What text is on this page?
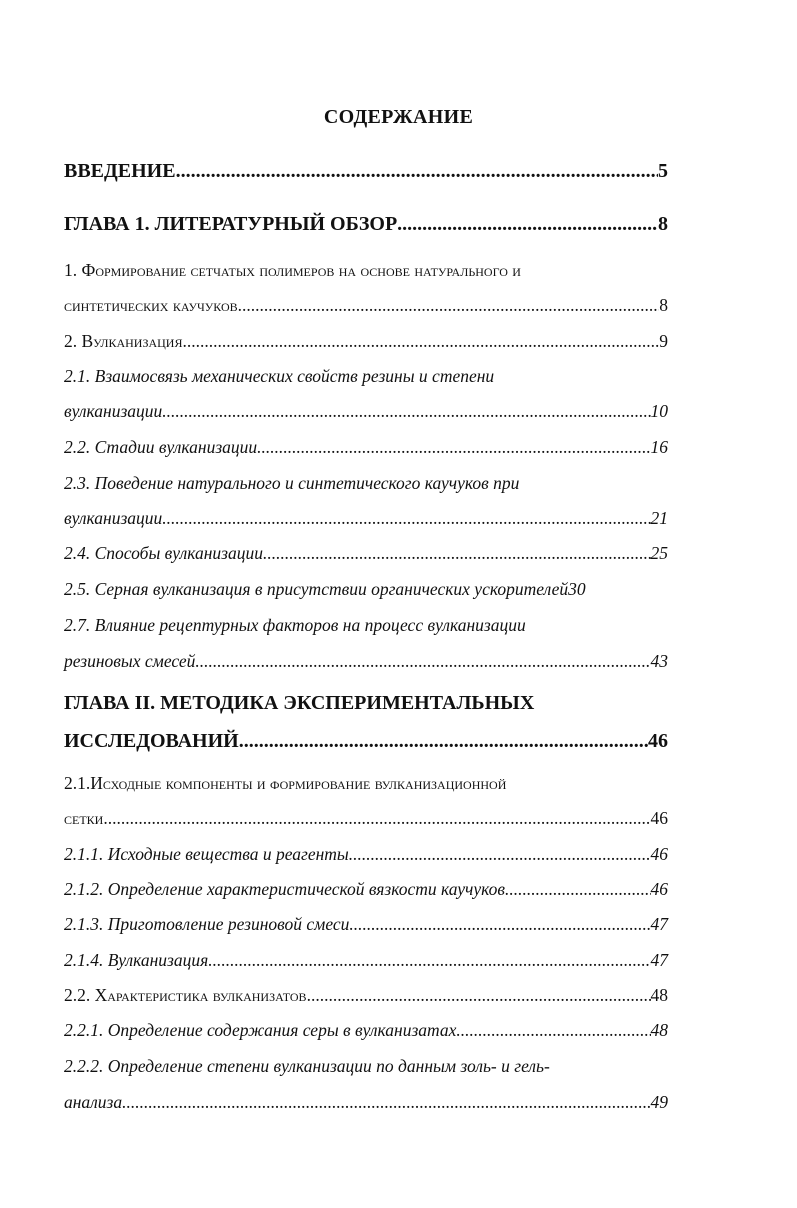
СОДЕРЖАНИЕ
ВВЕДЕНИЕ .....	5
ГЛАВА 1. ЛИТЕРАТУРНЫЙ ОБЗОР .....	8
1. Формирование сетчатых полимеров на основе натурального и
синтетических каучуков .....	8
2. Вулканизация .....	9
2.1. Взаимосвязь механических свойств резины и степени
вулканизации .....	10
2.2. Стадии вулканизации .....	16
2.3. Поведение натурального и синтетического каучуков при
вулканизации .....	21
2.4. Способы вулканизации .....	25
2.5. Серная вулканизация в присутствии органических ускорителей 30
2.7. Влияние рецептурных факторов на процесс вулканизации
резиновых смесей .....	43
ГЛАВА II. МЕТОДИКА ЭКСПЕРИМЕНТАЛЬНЫХ
ИССЛЕДОВАНИЙ .....	46
2.1.Исходные компоненты и формирование вулканизационной
сетки .....	46
2.1.1. Исходные вещества и реагенты .....	46
2.1.2. Определение характеристической вязкости каучуков .....	46
2.1.3. Приготовление резиновой смеси .....	47
2.1.4. Вулканизация. .....	47
2.2. Характеристика вулканизатов .....	48
2.2.1. Определение содержания серы в вулканизатах .....	48
2.2.2. Определение степени вулканизации по данным золь- и гель-
анализа .....	49
